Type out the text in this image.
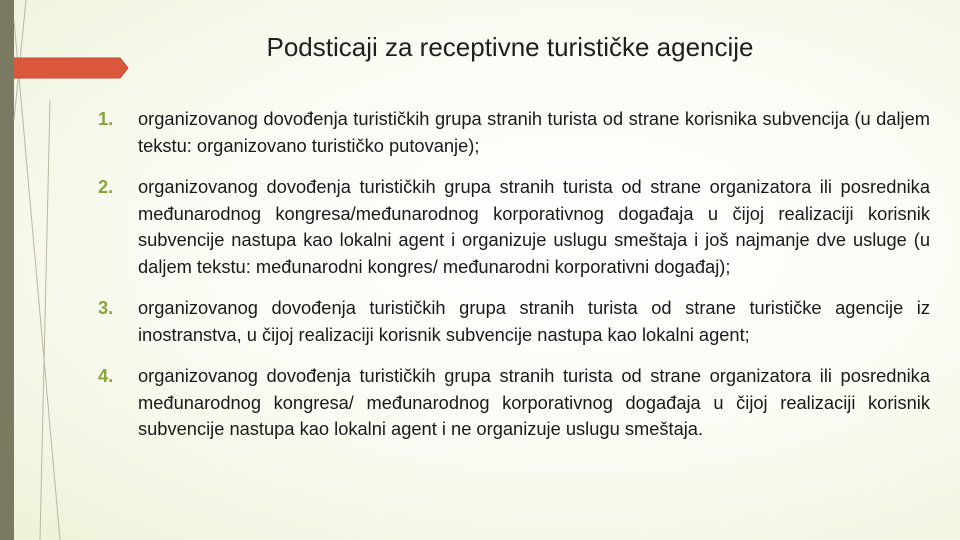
Podsticaji za receptivne turističke agencije
1.	organizovanog dovođenja turističkih grupa stranih turista od strane korisnika subvencija (u daljem tekstu: organizovano turističko putovanje);
2.	organizovanog dovođenja turističkih grupa stranih turista od strane organizatora ili posrednika međunarodnog kongresa/međunarodnog korporativnog događaja u čijoj realizaciji korisnik subvencije nastupa kao lokalni agent i organizuje uslugu smeštaja i još najmanje dve usluge (u daljem tekstu: međunarodni kongres/ međunarodni korporativni događaj);
3.	organizovanog dovođenja turističkih grupa stranih turista od strane turističke agencije iz inostranstva, u čijoj realizaciji korisnik subvencije nastupa kao lokalni agent;
4.	organizovanog dovođenja turističkih grupa stranih turista od strane organizatora ili posrednika međunarodnog kongresa/ međunarodnog korporativnog događaja u čijoj realizaciji korisnik subvencije nastupa kao lokalni agent i ne organizuje uslugu smeštaja.
